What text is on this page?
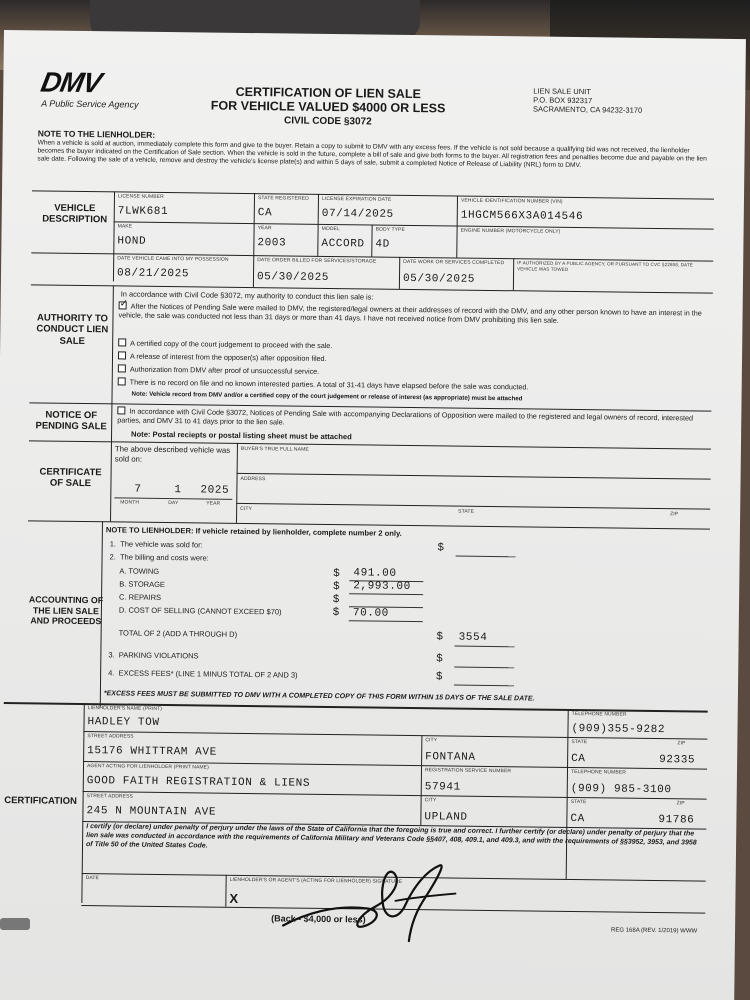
DMV
A Public Service Agency
CERTIFICATION OF LIEN SALE
FOR VEHICLE VALUED $4000 OR LESS
CIVIL CODE §3072
LIEN SALE UNIT
P.O. BOX 932317
SACRAMENTO, CA 94232-3170
NOTE TO THE LIENHOLDER:
When a vehicle is sold at auction, immediately complete this form and give to the buyer. Retain a copy to submit to DMV with any excess fees. If the vehicle is not sold because a qualifying bid was not received, the lienholder becomes the buyer indicated on the Certification of Sale section. When the vehicle is sold in the future, complete a bill of sale and give both forms to the buyer. All registration fees and penalties become due and payable on the lien sale date. Following the sale of a vehicle, remove and destroy the vehicle's license plate(s) and within 5 days of sale, submit a completed Notice of Release of Liability (NRL) form to DMV.
VEHICLE DESCRIPTION
LICENSE NUMBER
7LWK681
STATE REGISTERED
CA
LICENSE EXPIRATION DATE
07/14/2025
VEHICLE IDENTIFICATION NUMBER (VIN)
1HGCM566X3A014546
MAKE
HOND
YEAR
2003
MODEL
ACCORD
BODY TYPE
4D
ENGINE NUMBER (MOTORCYCLE ONLY)
DATE VEHICLE CAME INTO MY POSSESSION
08/21/2025
DATE ORDER BILLED FOR SERVICES/STORAGE
05/30/2025
DATE WORK OR SERVICES COMPLETED
05/30/2025
IF AUTHORIZED BY A PUBLIC AGENCY, OR PURSUANT TO CVC §22658, DATE VEHICLE WAS TOWED
AUTHORITY TO CONDUCT LIEN SALE
In accordance with Civil Code §3072, my authority to conduct this lien sale is:
✓After the Notices of Pending Sale were mailed to DMV, the registered/legal owners at their addresses of record with the DMV, and any other person known to have an interest in the vehicle, the sale was conducted not less than 31 days or more than 41 days. I have not received notice from DMV prohibiting this lien sale.
A certified copy of the court judgement to proceed with the sale.
A release of interest from the opposer(s) after opposition filed.
Authorization from DMV after proof of unsuccessful service.
There is no record on file and no known interested parties. A total of 31-41 days have elapsed before the sale was conducted.
Note: Vehicle record from DMV and/or a certified copy of the court judgement or release of interest (as appropriate) must be attached
NOTICE OF PENDING SALE
In accordance with Civil Code §3072, Notices of Pending Sale with accompanying Declarations of Opposition were mailed to the registered and legal owners of record, interested parties, and DMV 31 to 41 days prior to the lien sale.
Note: Postal reciepts or postal listing sheet must be attached
CERTIFICATE OF SALE
The above described vehicle was sold on:
7	1 2025
MONTH	DAY	YEAR
BUYER'S TRUE FULL NAME
ADDRESS
CITY	STATE	ZIP
ACCOUNTING OF THE LIEN SALE AND PROCEEDS
NOTE TO LIENHOLDER: If vehicle retained by lienholder, complete number 2 only.
1. The vehicle was sold for:	$
2. The billing and costs were:
A. TOWING	$ 491.00
B. STORAGE	$ 2,993.00
C. REPAIRS	$
D. COST OF SELLING (CANNOT EXCEED $70)	$ 70.00
TOTAL OF 2 (ADD A THROUGH D)	$ 3554
3. PARKING VIOLATIONS	$
4. EXCESS FEES* (LINE 1 MINUS TOTAL OF 2 AND 3)	$
*EXCESS FEES MUST BE SUBMITTED TO DMV WITH A COMPLETED COPY OF THIS FORM WITHIN 15 DAYS OF THE SALE DATE.
CERTIFICATION
LIENHOLDER'S NAME (PRINT)
HADLEY TOW
TELEPHONE NUMBER
(909)355-9282
STREET ADDRESS
15176 WHITTRAM AVE
CITY
FONTANA
STATE
CA
ZIP
92335
AGENT ACTING FOR LIENHOLDER (PRINT NAME)
GOOD FAITH REGISTRATION & LIENS
REGISTRATION SERVICE NUMBER
57941
TELEPHONE NUMBER
(909) 985-3100
STREET ADDRESS
245 N MOUNTAIN AVE
CITY
UPLAND
STATE
CA
ZIP
91786
I certify (or declare) under penalty of perjury under the laws of the State of California that the foregoing is true and correct. I further certify (or declare) under penalty of perjury that the lien sale was conducted in accordance with the requirements of California Military and Veterans Code §§407, 408, 409.1, and 409.3, and with the requirements of §§3952, 3953, and 3958 of Title 50 of the United States Code.
DATE	LIENHOLDER'S OR AGENT'S (ACTING FOR LIENHOLDER) SIGNATURE
X
(Back - $4,000 or less)
REG 168A (REV. 1/2019) WWW
